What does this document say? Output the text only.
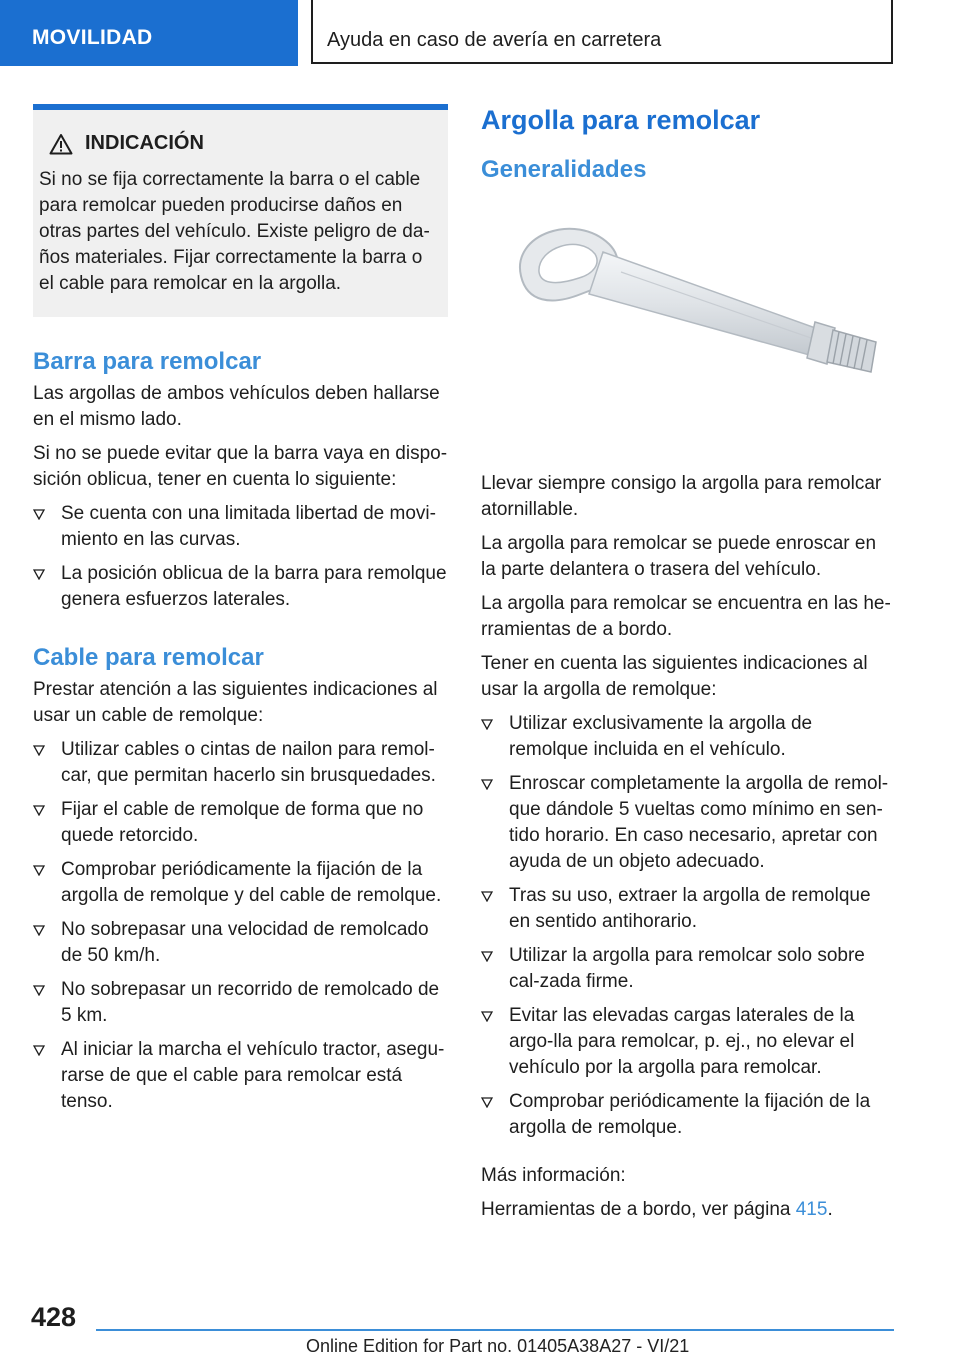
MOVILIDAD	Ayuda en caso de avería en carretera
INDICACIÓN
Si no se fija correctamente la barra o el cable para remolcar pueden producirse daños en otras partes del vehículo. Existe peligro de da-ños materiales. Fijar correctamente la barra o el cable para remolcar en la argolla.
Barra para remolcar

Las argollas de ambos vehículos deben hallarse en el mismo lado.

Si no se puede evitar que la barra vaya en dispo-sición oblicua, tener en cuenta lo siguiente:

Se cuenta con una limitada libertad de movi-miento en las curvas.
La posición oblicua de la barra para remolque genera esfuerzos laterales.
Cable para remolcar

Prestar atención a las siguientes indicaciones al usar un cable de remolque:

Utilizar cables o cintas de nailon para remol-car, que permitan hacerlo sin brusquedades.
Fijar el cable de remolque de forma que no quede retorcido.
Comprobar periódicamente la fijación de la argolla de remolque y del cable de remolque.
No sobrepasar una velocidad de remolcado de 50 km/h.
No sobrepasar un recorrido de remolcado de 5 km.
Al iniciar la marcha el vehículo tractor, asegu-rarse de que el cable para remolcar está tenso.
Argolla para remolcar
Generalidades

Llevar siempre consigo la argolla para remolcar atornillable.

La argolla para remolcar se puede enroscar en la parte delantera o trasera del vehículo.

La argolla para remolcar se encuentra en las he-rramientas de a bordo.

Tener en cuenta las siguientes indicaciones al usar la argolla de remolque:

Utilizar exclusivamente la argolla de remolque incluida en el vehículo.
Enroscar completamente la argolla de remol-que dándole 5 vueltas como mínimo en sen-tido horario. En caso necesario, apretar con ayuda de un objeto adecuado.
Tras su uso, extraer la argolla de remolque en sentido antihorario.
Utilizar la argolla para remolcar solo sobre cal-zada firme.
Evitar las elevadas cargas laterales de la argo-lla para remolcar, p. ej., no elevar el vehículo por la argolla para remolcar.
Comprobar periódicamente la fijación de la argolla de remolque.

Más información:

Herramientas de a bordo, ver página 415.

428
Online Edition for Part no. 01405A38A27 - VI/21
